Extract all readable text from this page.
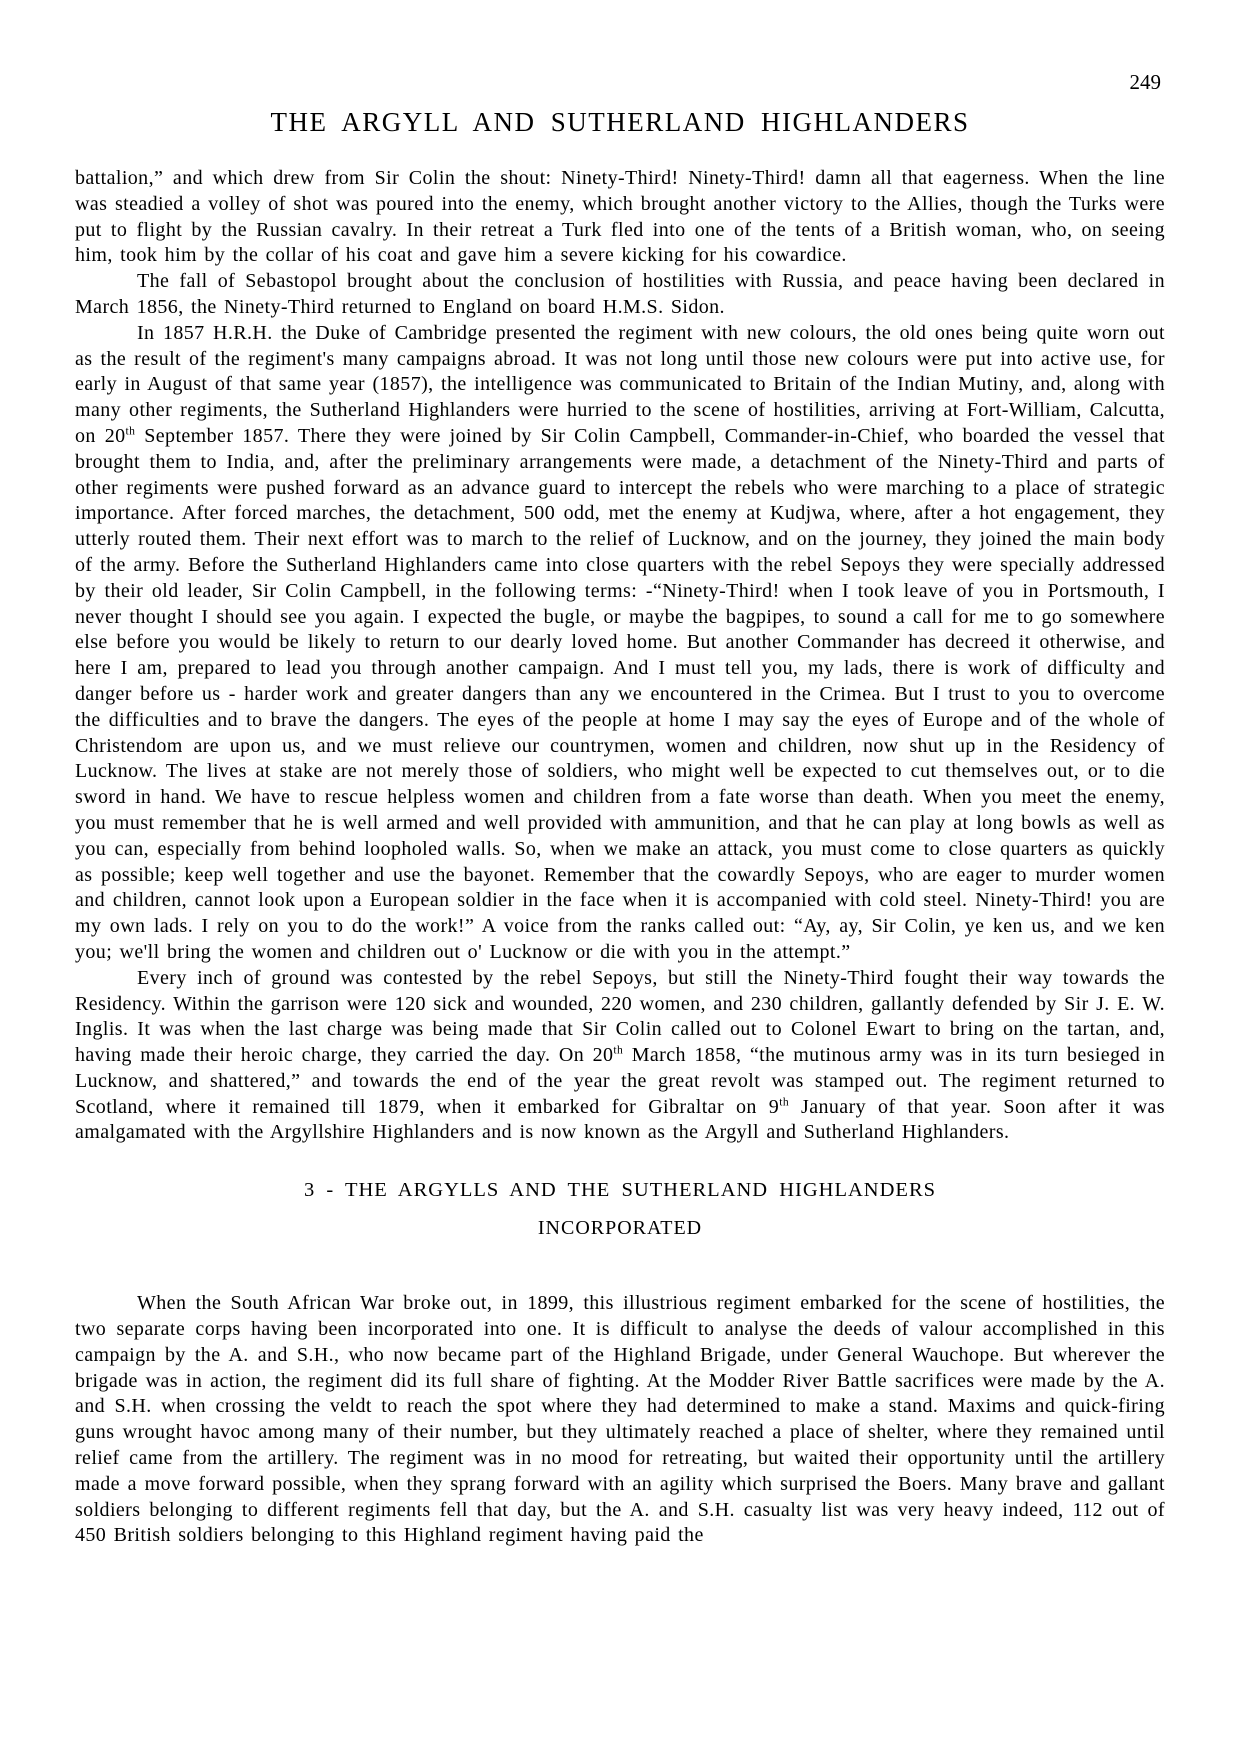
249
THE ARGYLL AND SUTHERLAND HIGHLANDERS

battalion,” and which drew from Sir Colin the shout: Ninety-Third! Ninety-Third! damn all that eagerness. When the line was steadied a volley of shot was poured into the enemy, which brought another victory to the Allies, though the Turks were put to flight by the Russian cavalry. In their retreat a Turk fled into one of the tents of a British woman, who, on seeing him, took him by the collar of his coat and gave him a severe kicking for his cowardice.

The fall of Sebastopol brought about the conclusion of hostilities with Russia, and peace having been declared in March 1856, the Ninety-Third returned to England on board H.M.S. Sidon.

In 1857 H.R.H. the Duke of Cambridge presented the regiment with new colours, the old ones being quite worn out as the result of the regiment's many campaigns abroad. It was not long until those new colours were put into active use, for early in August of that same year (1857), the intelligence was communicated to Britain of the Indian Mutiny, and, along with many other regiments, the Sutherland Highlanders were hurried to the scene of hostilities, arriving at Fort-William, Calcutta, on 20th September 1857. There they were joined by Sir Colin Campbell, Commander-in-Chief, who boarded the vessel that brought them to India, and, after the preliminary arrangements were made, a detachment of the Ninety-Third and parts of other regiments were pushed forward as an advance guard to intercept the rebels who were marching to a place of strategic importance. After forced marches, the detachment, 500 odd, met the enemy at Kudjwa, where, after a hot engagement, they utterly routed them. Their next effort was to march to the relief of Lucknow, and on the journey, they joined the main body of the army. Before the Sutherland Highlanders came into close quarters with the rebel Sepoys they were specially addressed by their old leader, Sir Colin Campbell, in the following terms: -“Ninety-Third! when I took leave of you in Portsmouth, I never thought I should see you again. I expected the bugle, or maybe the bagpipes, to sound a call for me to go somewhere else before you would be likely to return to our dearly loved home. But another Commander has decreed it otherwise, and here I am, prepared to lead you through another campaign. And I must tell you, my lads, there is work of difficulty and danger before us - harder work and greater dangers than any we encountered in the Crimea. But I trust to you to overcome the difficulties and to brave the dangers. The eyes of the people at home I may say the eyes of Europe and of the whole of Christendom are upon us, and we must relieve our countrymen, women and children, now shut up in the Residency of Lucknow. The lives at stake are not merely those of soldiers, who might well be expected to cut themselves out, or to die sword in hand. We have to rescue helpless women and children from a fate worse than death. When you meet the enemy, you must remember that he is well armed and well provided with ammunition, and that he can play at long bowls as well as you can, especially from behind loopholed walls. So, when we make an attack, you must come to close quarters as quickly as possible; keep well together and use the bayonet. Remember that the cowardly Sepoys, who are eager to murder women and children, cannot look upon a European soldier in the face when it is accompanied with cold steel. Ninety-Third! you are my own lads. I rely on you to do the work!” A voice from the ranks called out: “Ay, ay, Sir Colin, ye ken us, and we ken you; we'll bring the women and children out o' Lucknow or die with you in the attempt.”

Every inch of ground was contested by the rebel Sepoys, but still the Ninety-Third fought their way towards the Residency. Within the garrison were 120 sick and wounded, 220 women, and 230 children, gallantly defended by Sir J. E. W. Inglis. It was when the last charge was being made that Sir Colin called out to Colonel Ewart to bring on the tartan, and, having made their heroic charge, they carried the day. On 20th March 1858, “the mutinous army was in its turn besieged in Lucknow, and shattered,” and towards the end of the year the great revolt was stamped out. The regiment returned to Scotland, where it remained till 1879, when it embarked for Gibraltar on 9th January of that year. Soon after it was amalgamated with the Argyllshire Highlanders and is now known as the Argyll and Sutherland Highlanders.

3 - THE ARGYLLS AND THE SUTHERLAND HIGHLANDERS
INCORPORATED

When the South African War broke out, in 1899, this illustrious regiment embarked for the scene of hostilities, the two separate corps having been incorporated into one. It is difficult to analyse the deeds of valour accomplished in this campaign by the A. and S.H., who now became part of the Highland Brigade, under General Wauchope. But wherever the brigade was in action, the regiment did its full share of fighting. At the Modder River Battle sacrifices were made by the A. and S.H. when crossing the veldt to reach the spot where they had determined to make a stand. Maxims and quick-firing guns wrought havoc among many of their number, but they ultimately reached a place of shelter, where they remained until relief came from the artillery. The regiment was in no mood for retreating, but waited their opportunity until the artillery made a move forward possible, when they sprang forward with an agility which surprised the Boers. Many brave and gallant soldiers belonging to different regiments fell that day, but the A. and S.H. casualty list was very heavy indeed, 112 out of 450 British soldiers belonging to this Highland regiment having paid the
